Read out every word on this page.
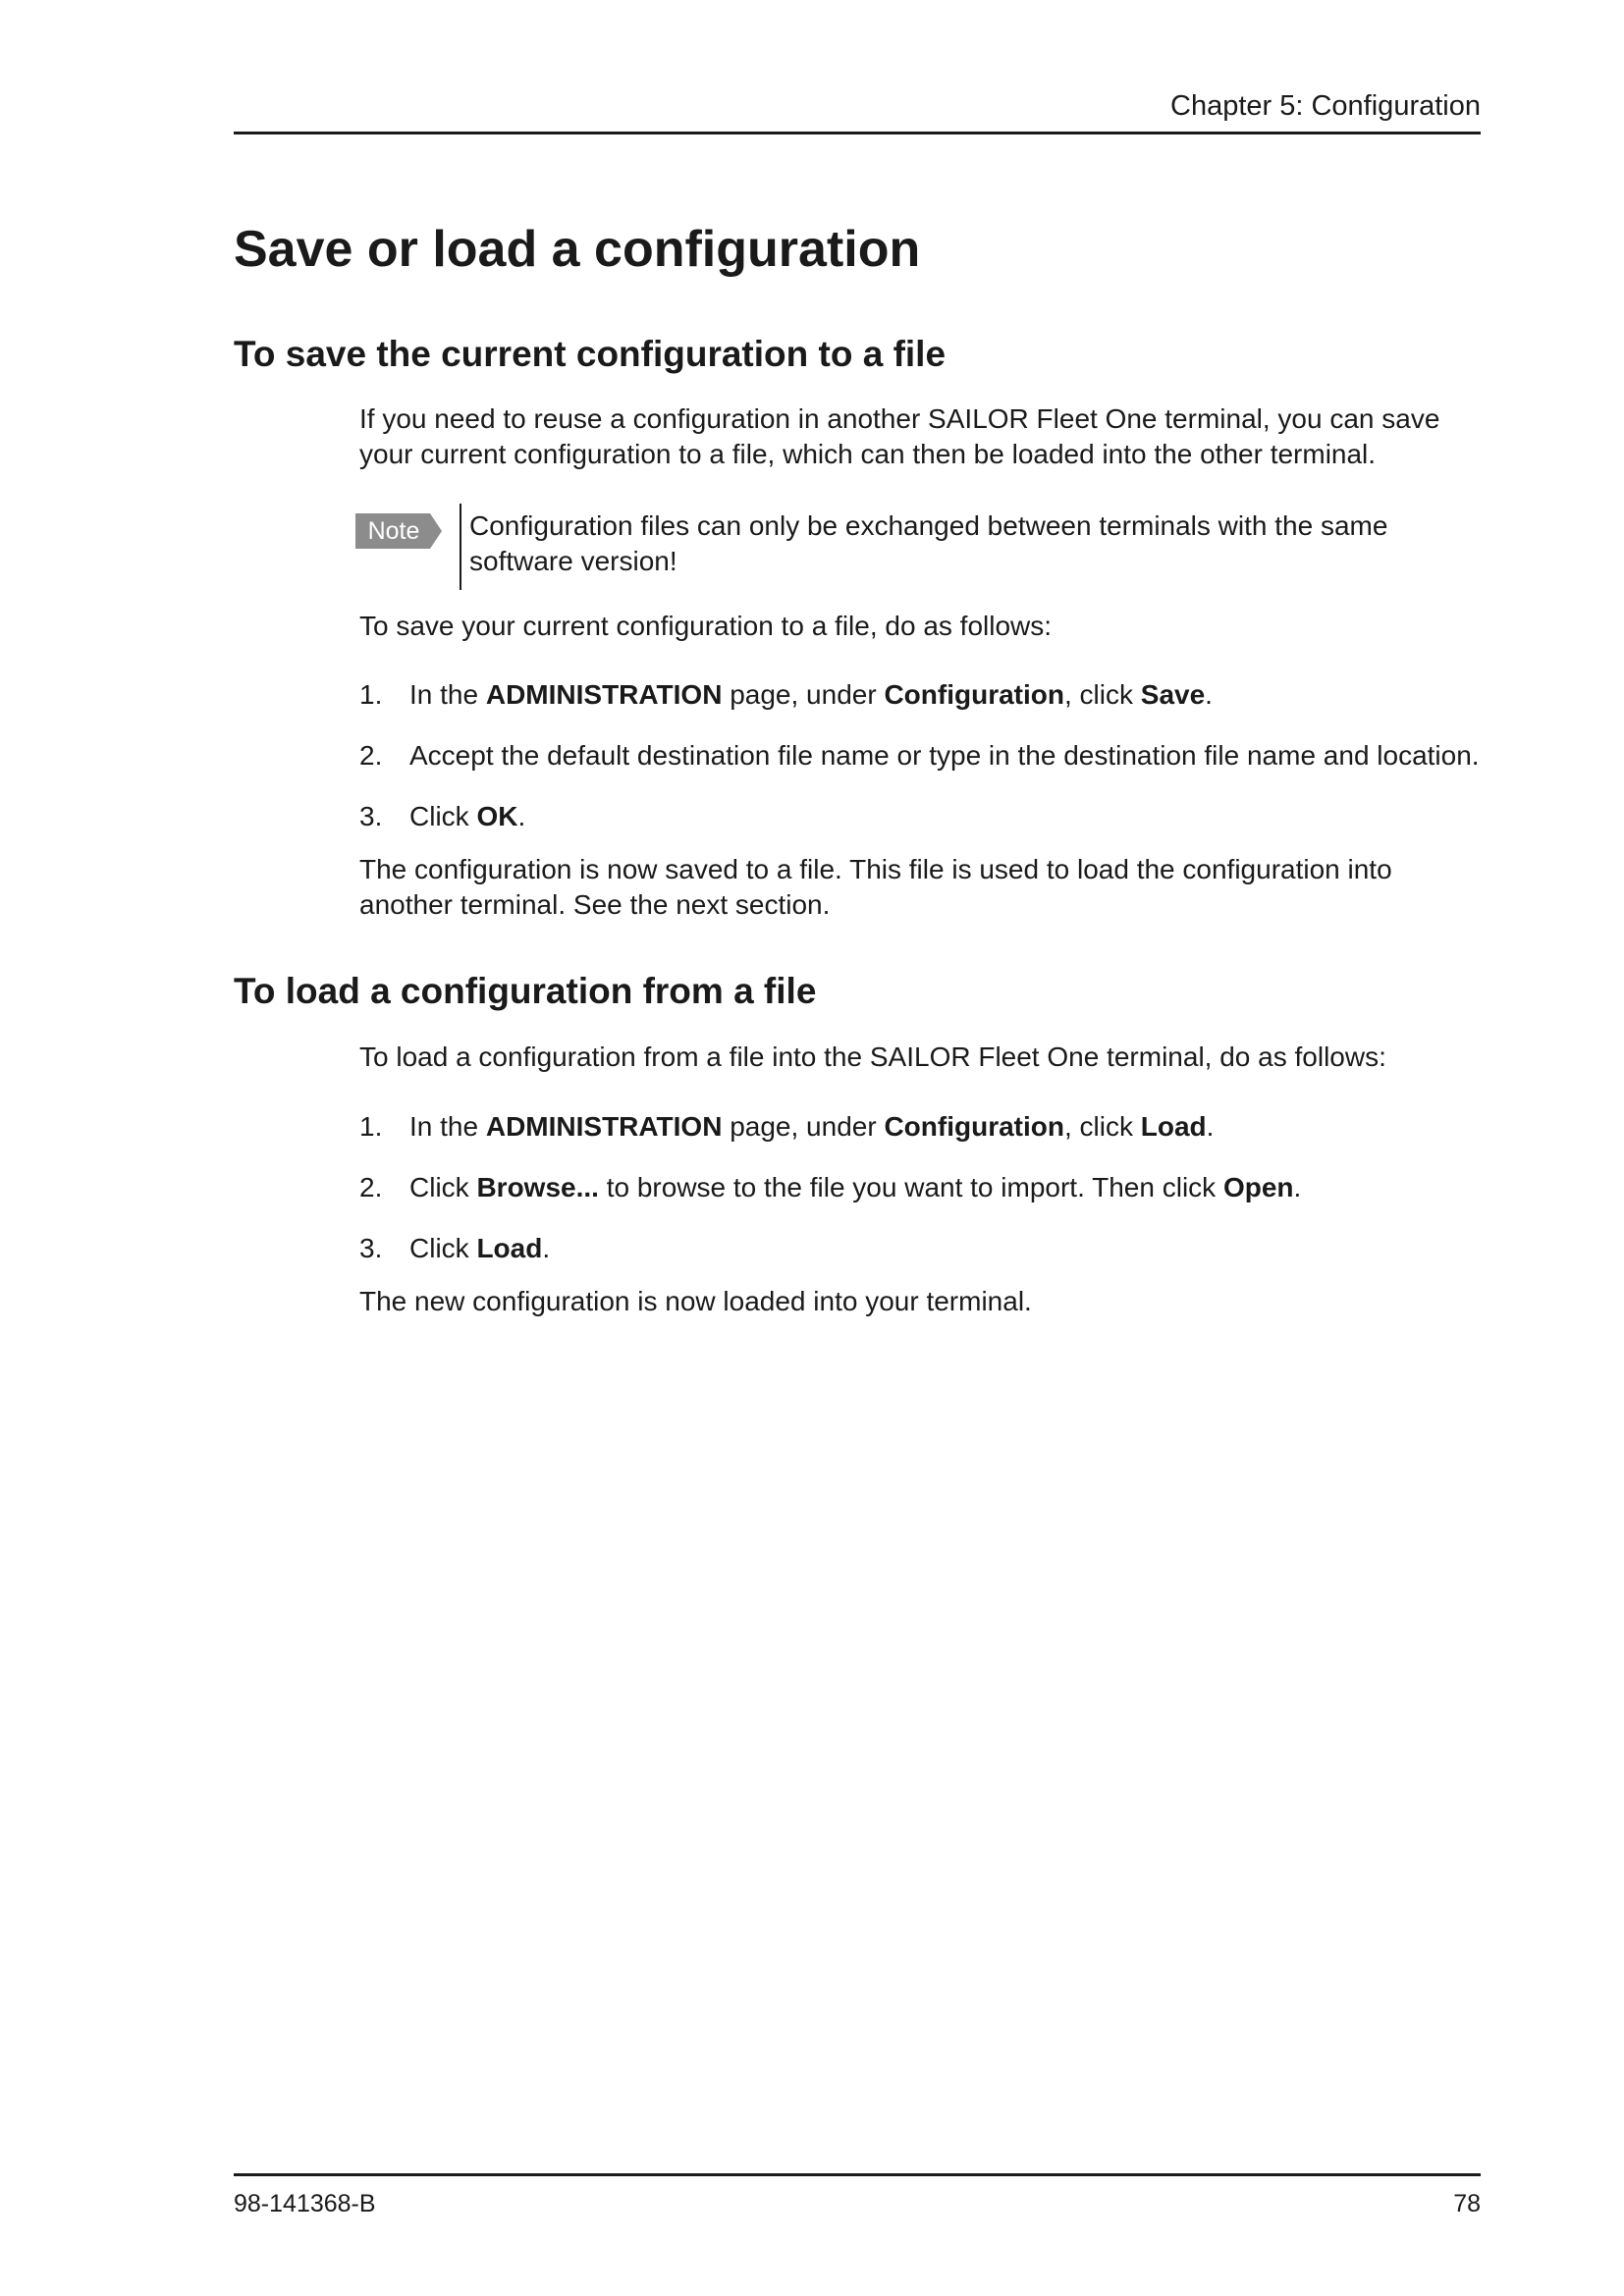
Chapter 5: Configuration
Save or load a configuration
To save the current configuration to a file

If you need to reuse a configuration in another SAILOR Fleet One terminal, you can save your current configuration to a file, which can then be loaded into the other terminal.

Note	Configuration files can only be exchanged between terminals with the same software version!

To save your current configuration to a file, do as follows:

1. In the ADMINISTRATION page, under Configuration, click Save.
2. Accept the default destination file name or type in the destination file name and location.
3. Click OK.

The configuration is now saved to a file. This file is used to load the configuration into another terminal. See the next section.

To load a configuration from a file

To load a configuration from a file into the SAILOR Fleet One terminal, do as follows:

1. In the ADMINISTRATION page, under Configuration, click Load.
2. Click Browse... to browse to the file you want to import. Then click Open.
3. Click Load.

The new configuration is now loaded into your terminal.

98-141368-B	78
